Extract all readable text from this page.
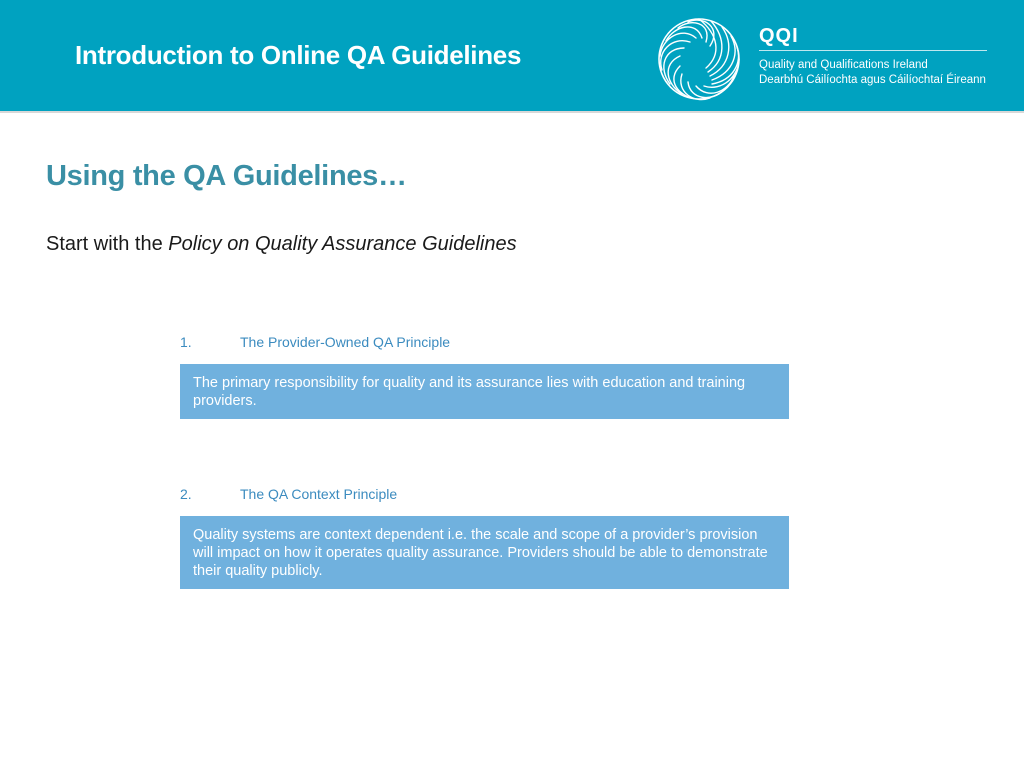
Introduction to Online QA Guidelines
QQI
Quality and Qualifications Ireland
Dearbhú Cáilíochta agus Cáilíochtaí Éireann
Using the QA Guidelines…
Start with the Policy on Quality Assurance Guidelines
1.	The Provider-Owned QA Principle
The primary responsibility for quality and its assurance lies with education and training providers.
2.	The QA Context Principle
Quality systems are context dependent i.e. the scale and scope of a provider’s provision will impact on how it operates quality assurance. Providers should be able to demonstrate their quality publicly.
